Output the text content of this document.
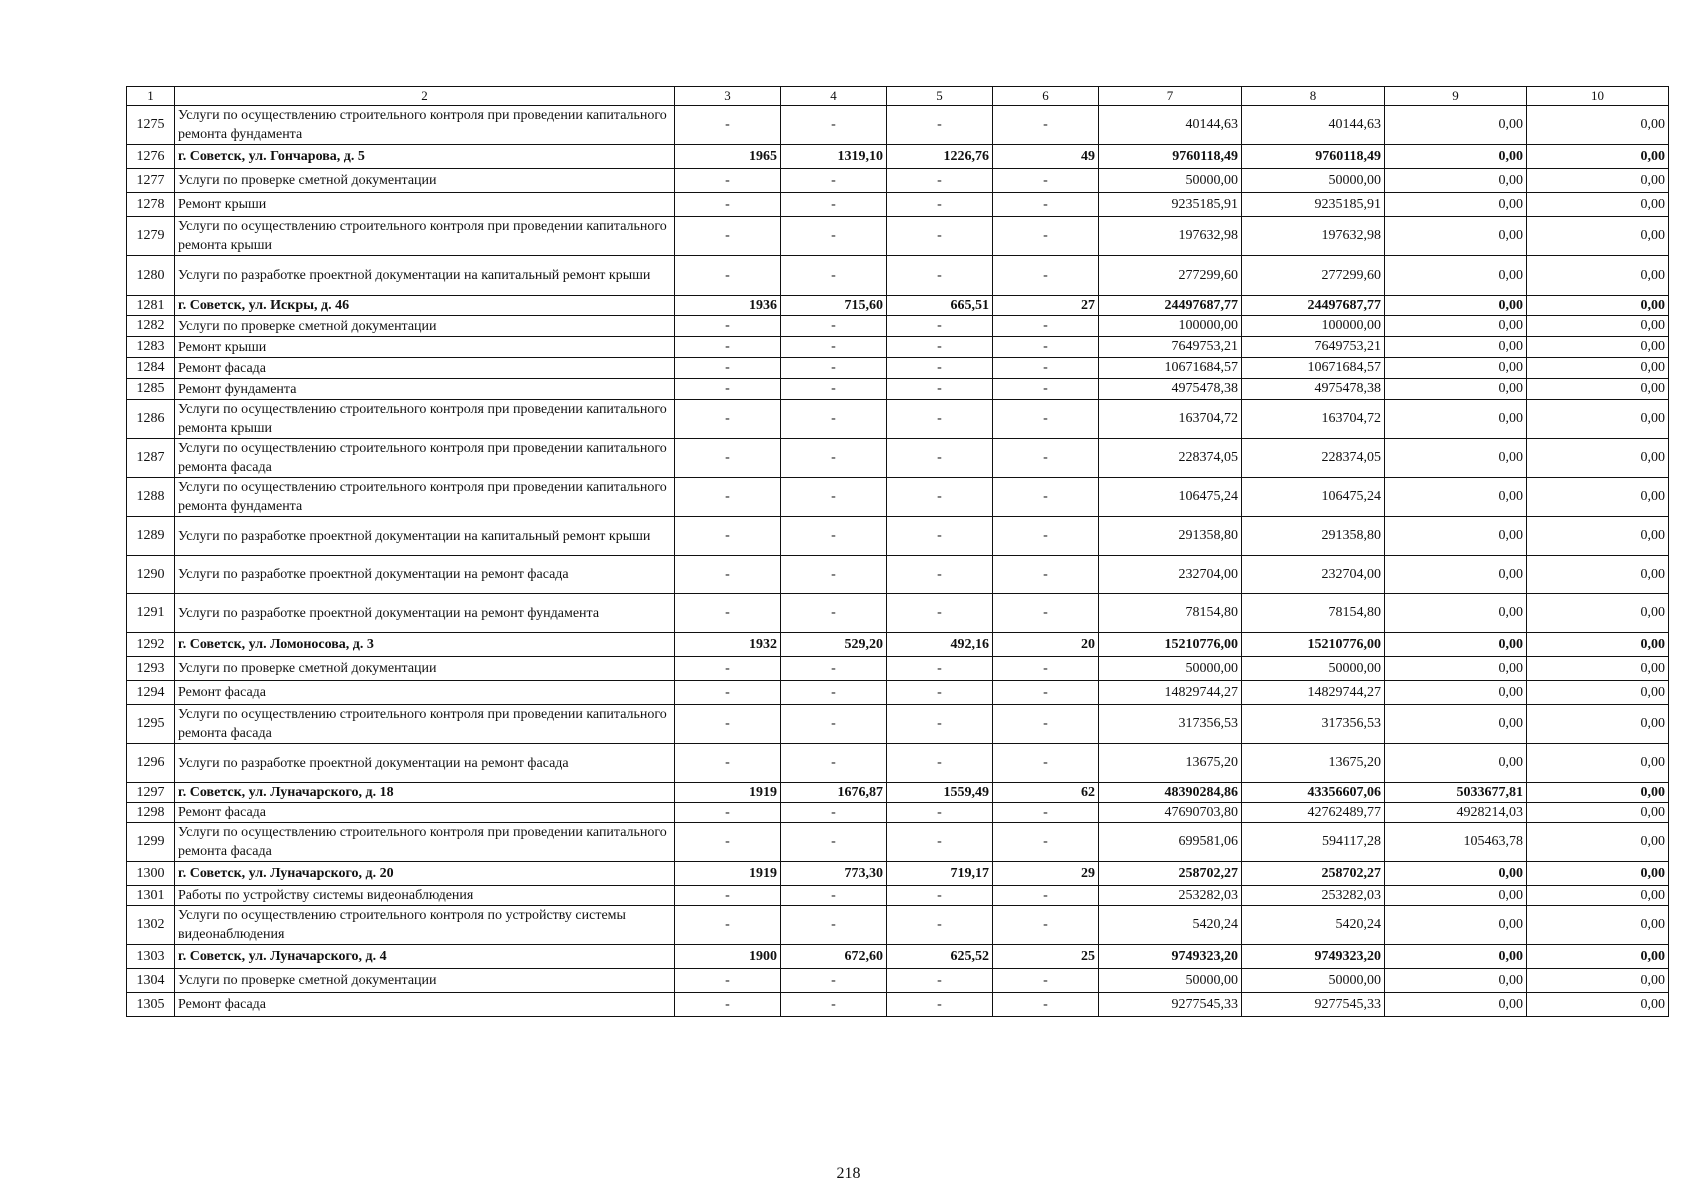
1	2	3	4	5	6	7	8	9	10
1275	Услуги по осуществлению строительного контроля при проведении капитального ремонта фундамента	-	-	-	-	40144,63	40144,63	0,00	0,00
1276	г. Советск, ул. Гончарова, д. 5	1965	1319,10	1226,76	49	9760118,49	9760118,49	0,00	0,00
1277	Услуги по проверке сметной документации	-	-	-	-	50000,00	50000,00	0,00	0,00
1278	Ремонт крыши	-	-	-	-	9235185,91	9235185,91	0,00	0,00
1279	Услуги по осуществлению строительного контроля при проведении капитального ремонта крыши	-	-	-	-	197632,98	197632,98	0,00	0,00
1280	Услуги по разработке проектной документации на капитальный ремонт крыши	-	-	-	-	277299,60	277299,60	0,00	0,00
1281	г. Советск, ул. Искры, д. 46	1936	715,60	665,51	27	24497687,77	24497687,77	0,00	0,00
1282	Услуги по проверке сметной документации	-	-	-	-	100000,00	100000,00	0,00	0,00
1283	Ремонт крыши	-	-	-	-	7649753,21	7649753,21	0,00	0,00
1284	Ремонт фасада	-	-	-	-	10671684,57	10671684,57	0,00	0,00
1285	Ремонт фундамента	-	-	-	-	4975478,38	4975478,38	0,00	0,00
1286	Услуги по осуществлению строительного контроля при проведении капитального ремонта крыши	-	-	-	-	163704,72	163704,72	0,00	0,00
1287	Услуги по осуществлению строительного контроля при проведении капитального ремонта фасада	-	-	-	-	228374,05	228374,05	0,00	0,00
1288	Услуги по осуществлению строительного контроля при проведении капитального ремонта фундамента	-	-	-	-	106475,24	106475,24	0,00	0,00
1289	Услуги по разработке проектной документации на капитальный ремонт крыши	-	-	-	-	291358,80	291358,80	0,00	0,00
1290	Услуги по разработке проектной документации на ремонт фасада	-	-	-	-	232704,00	232704,00	0,00	0,00
1291	Услуги по разработке проектной документации на ремонт фундамента	-	-	-	-	78154,80	78154,80	0,00	0,00
1292	г. Советск, ул. Ломоносова, д. 3	1932	529,20	492,16	20	15210776,00	15210776,00	0,00	0,00
1293	Услуги по проверке сметной документации	-	-	-	-	50000,00	50000,00	0,00	0,00
1294	Ремонт фасада	-	-	-	-	14829744,27	14829744,27	0,00	0,00
1295	Услуги по осуществлению строительного контроля при проведении капитального ремонта фасада	-	-	-	-	317356,53	317356,53	0,00	0,00
1296	Услуги по разработке проектной документации на ремонт фасада	-	-	-	-	13675,20	13675,20	0,00	0,00
1297	г. Советск, ул. Луначарского, д. 18	1919	1676,87	1559,49	62	48390284,86	43356607,06	5033677,81	0,00
1298	Ремонт фасада	-	-	-	-	47690703,80	42762489,77	4928214,03	0,00
1299	Услуги по осуществлению строительного контроля при проведении капитального ремонта фасада	-	-	-	-	699581,06	594117,28	105463,78	0,00
1300	г. Советск, ул. Луначарского, д. 20	1919	773,30	719,17	29	258702,27	258702,27	0,00	0,00
1301	Работы по устройству системы видеонаблюдения	-	-	-	-	253282,03	253282,03	0,00	0,00
1302	Услуги по осуществлению строительного контроля по устройству системы видеонаблюдения	-	-	-	-	5420,24	5420,24	0,00	0,00
1303	г. Советск, ул. Луначарского, д. 4	1900	672,60	625,52	25	9749323,20	9749323,20	0,00	0,00
1304	Услуги по проверке сметной документации	-	-	-	-	50000,00	50000,00	0,00	0,00
1305	Ремонт фасада	-	-	-	-	9277545,33	9277545,33	0,00	0,00
218
